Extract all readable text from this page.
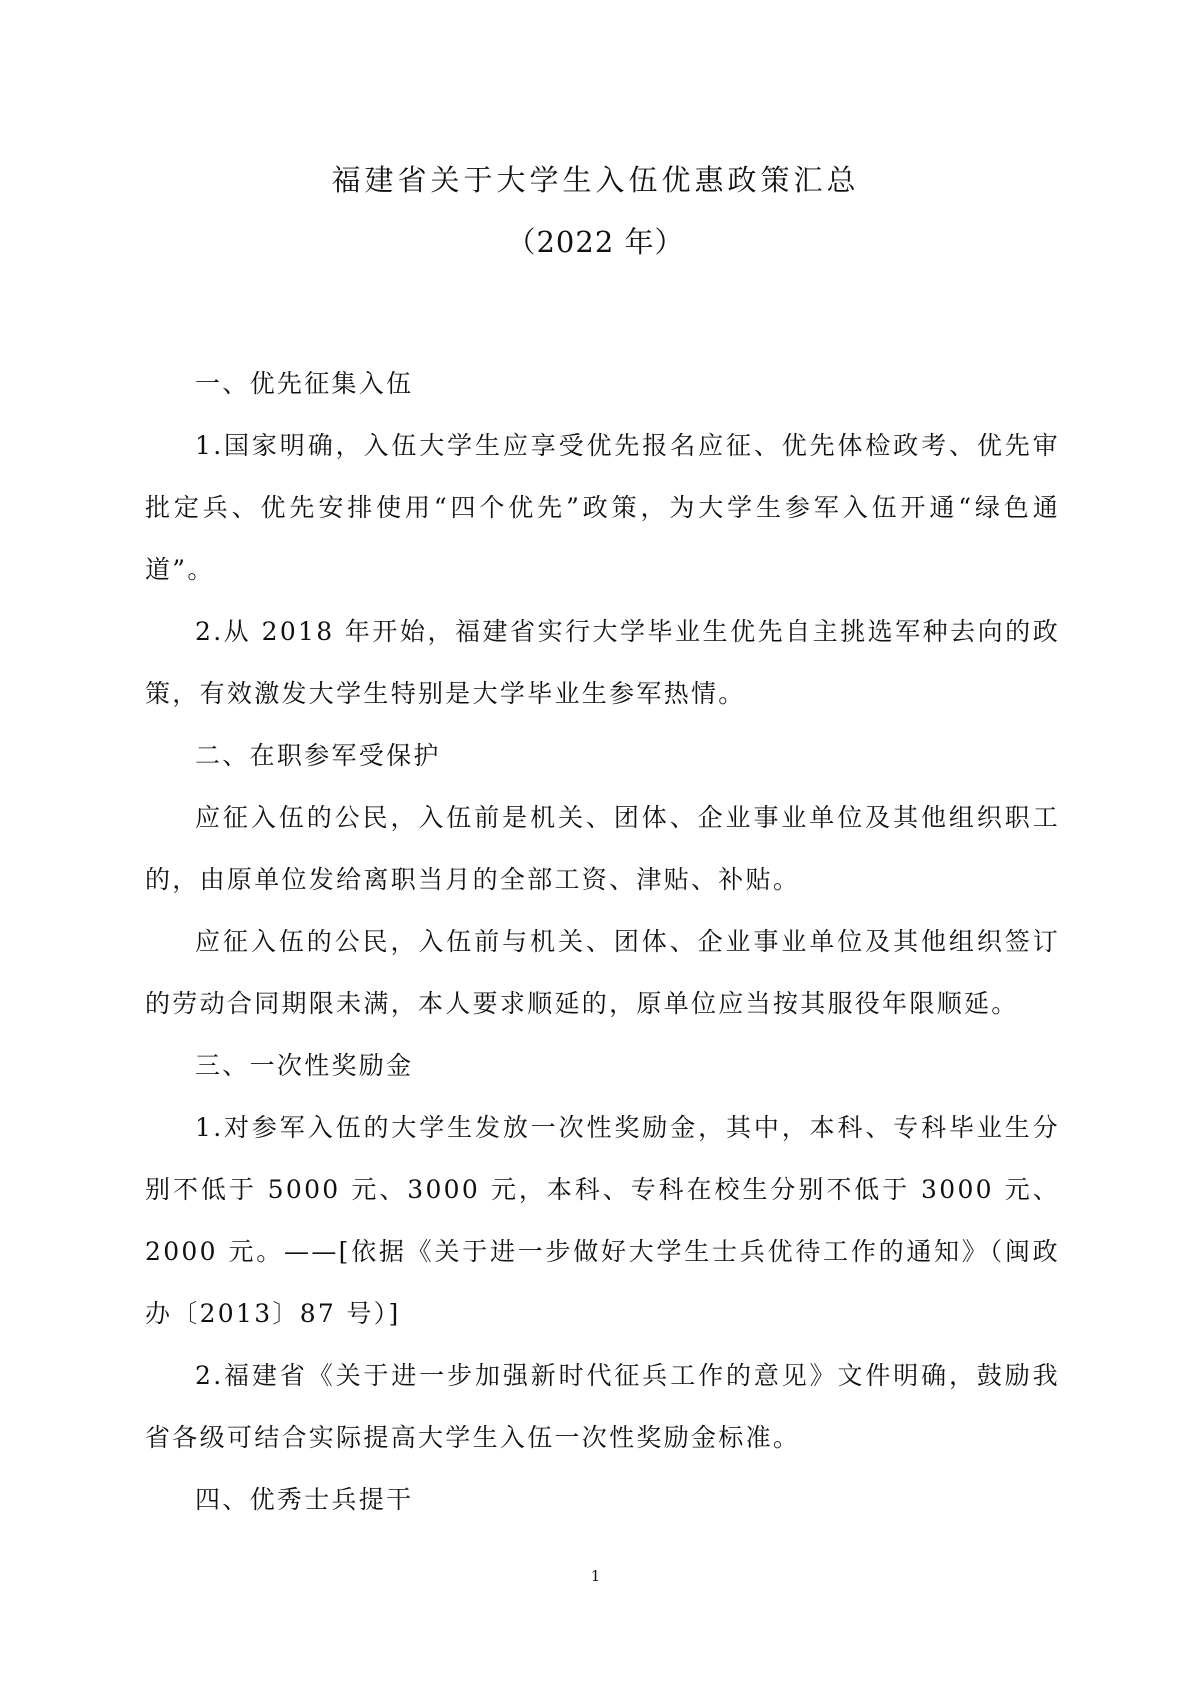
福建省关于大学生入伍优惠政策汇总
（2022 年）

一、优先征集入伍

1.国家明确，入伍大学生应享受优先报名应征、优先体检政考、优先审批定兵、优先安排使用“四个优先”政策，为大学生参军入伍开通“绿色通道”。

2.从 2018 年开始，福建省实行大学毕业生优先自主挑选军种去向的政策，有效激发大学生特别是大学毕业生参军热情。

二、在职参军受保护

应征入伍的公民，入伍前是机关、团体、企业事业单位及其他组织职工的，由原单位发给离职当月的全部工资、津贴、补贴。

应征入伍的公民，入伍前与机关、团体、企业事业单位及其他组织签订的劳动合同期限未满，本人要求顺延的，原单位应当按其服役年限顺延。

三、一次性奖励金

1.对参军入伍的大学生发放一次性奖励金，其中，本科、专科毕业生分别不低于 5000 元、3000 元，本科、专科在校生分别不低于 3000 元、2000 元。——[依据《关于进一步做好大学生士兵优待工作的通知》（闽政办〔2013〕87 号）]

2.福建省《关于进一步加强新时代征兵工作的意见》文件明确，鼓励我省各级可结合实际提高大学生入伍一次性奖励金标准。

四、优秀士兵提干

1
